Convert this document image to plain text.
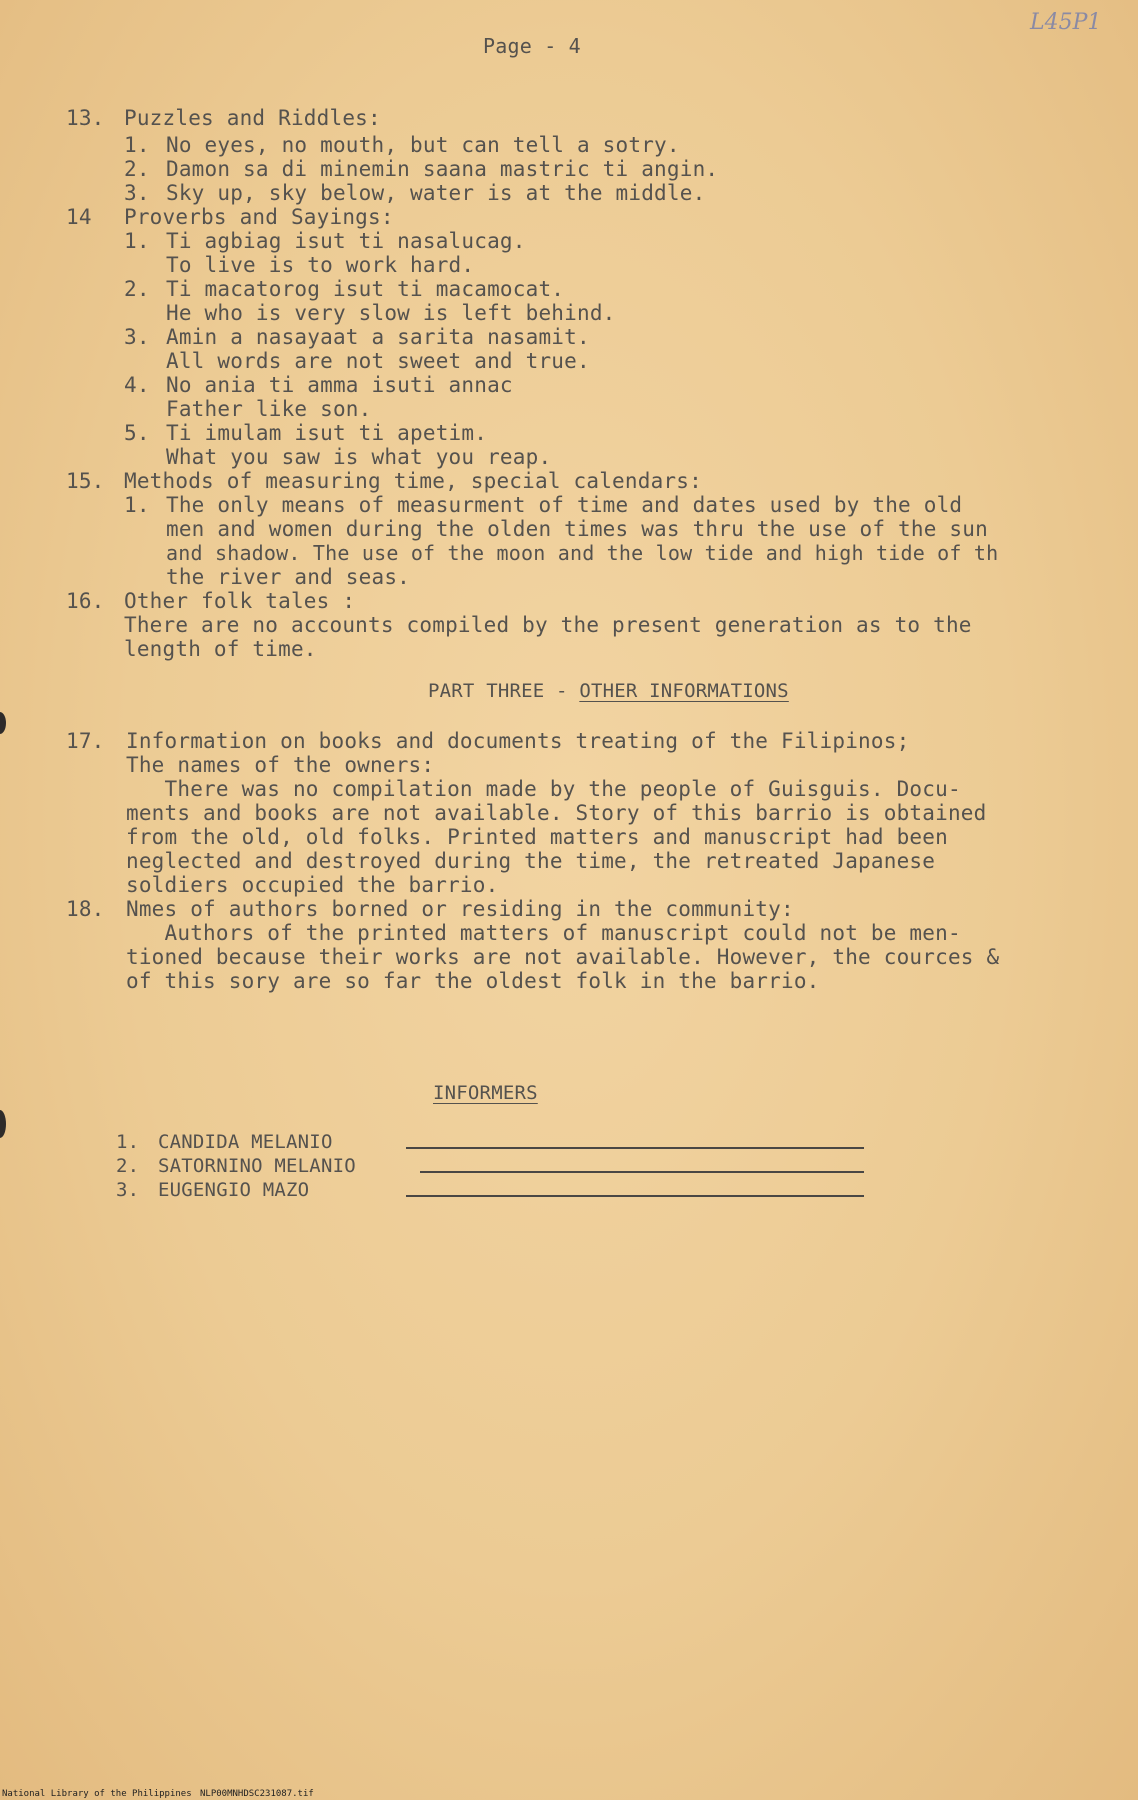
Page - 4
L45P1
13. Puzzles and Riddles:
1. No eyes, no mouth, but can tell a sotry.
2. Damon sa di minemin saana mastric ti angin.
3. Sky up, sky below, water is at the middle.
14 Proverbs and Sayings:
1. Ti agbiag isut ti nasalucag.
To live is to work hard.
2. Ti macatorog isut ti macamocat.
He who is very slow is left behind.
3. Amin a nasayaat a sarita nasamit.
All words are not sweet and true.
4. No ania ti amma isuti annac
Father like son.
5. Ti imulam isut ti apetim.
What you saw is what you reap.
15. Methods of measuring time, special calendars:
1. The only means of measurment of time and dates used by the old
men and women during the olden times was thru the use of the sun
and shadow. The use of the moon and the low tide and high tide of th
the river and seas.
16. Other folk tales :
There are no accounts compiled by the present generation as to the
length of time.
PART THREE - OTHER INFORMATIONS
17. Information on books and documents treating of the Filipinos;
The names of the owners:
There was no compilation made by the people of Guisguis. Docu-
ments and books are not available. Story of this barrio is obtained
from the old, old folks. Printed matters and manuscript had been
neglected and destroyed during the time, the retreated Japanese
soldiers occupied the barrio.
18. Nmes of authors borned or residing in the community:
Authors of the printed matters of manuscript could not be men-
tioned because their works are not available. However, the cources &
of this sory are so far the oldest folk in the barrio.
INFORMERS
1. CANDIDA MELANIO
2. SATORNINO MELANIO
3. EUGENGIO MAZO
National Library of the Philippines NLP00MNHDSC231087.tif
